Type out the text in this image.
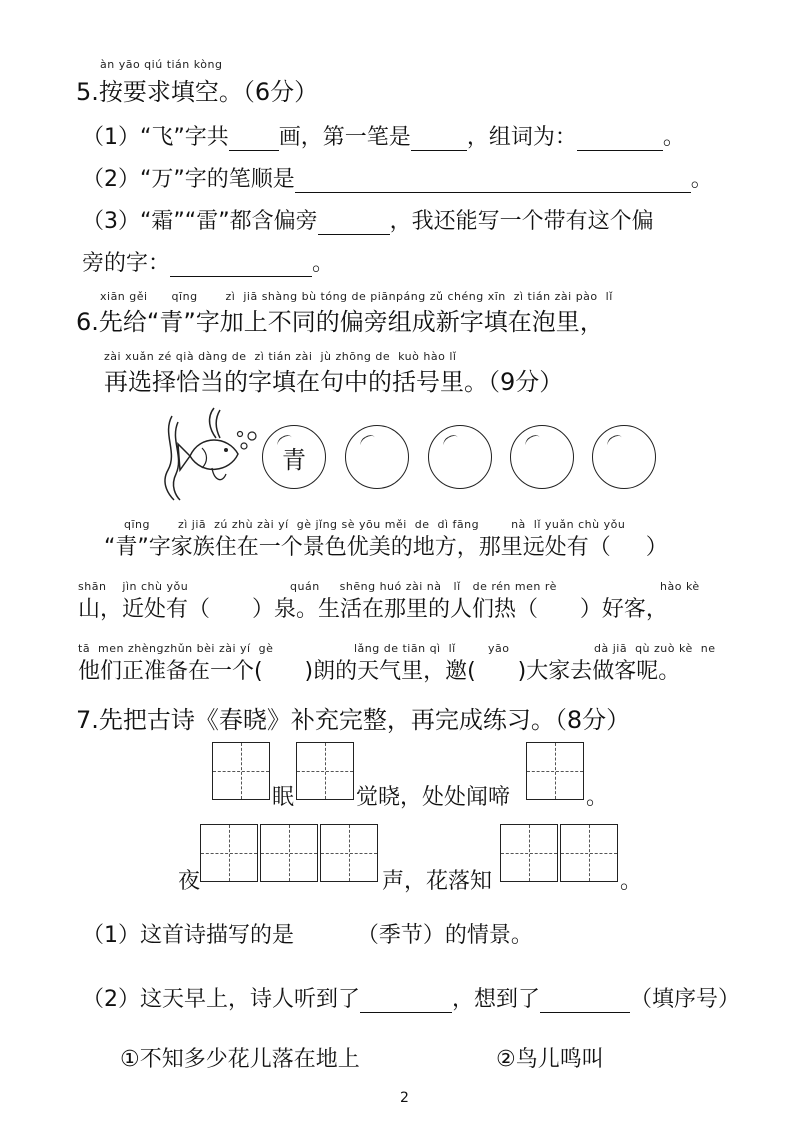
àn yāo qiú tián kòng
5.按要求填空。（6分）
（1）“飞”字共 画，第一笔是	，组词为：	。
（2）“万”字的笔顺是	。
（3）“霜”“雷”都含偏旁	，我还能写一个带有这个偏
旁的字：	。
xiān gěi      qīng       zì  jiā shàng bù tóng de piānpáng zǔ chéng xīn  zì tián zài pào  lǐ
6.先给“青”字加上不同的偏旁组成新字填在泡里，
zài xuǎn zé qià dàng de  zì tián zài  jù zhōng de  kuò hào lǐ
再选择恰当的字填在句中的括号里。（9分）
青
qīng       zì jiā  zú zhù zài yí  gè jǐng sè yōu měi  de  dì fāng        nà  lǐ yuǎn chù yǒu
“青”字家族住在一个景色优美的地方，那里远处有（     ）
shān    jìn chù yǒu	quán     shēng huó zài nà   lǐ   de rén men rè	hào kè
山，近处有（      ）泉。生活在那里的人们热（      ）好客，
tā  men zhèngzhǔn bèi zài yí  gè	lǎng de tiān qì  lǐ	yāo	dà jiā  qù zuò kè  ne
他们正准备在一个(      )朗的天气里，邀(      )大家去做客呢。
7.先把古诗《春晓》补充完整，再完成练习。（8分）
眠	觉晓，处处闻啼	。
夜	声，花落知	。
（1）这首诗描写的是         （季节）的情景。
（2）这天早上，诗人听到了	，想到了	（填序号）
①不知多少花儿落在地上	②鸟儿鸣叫
2
